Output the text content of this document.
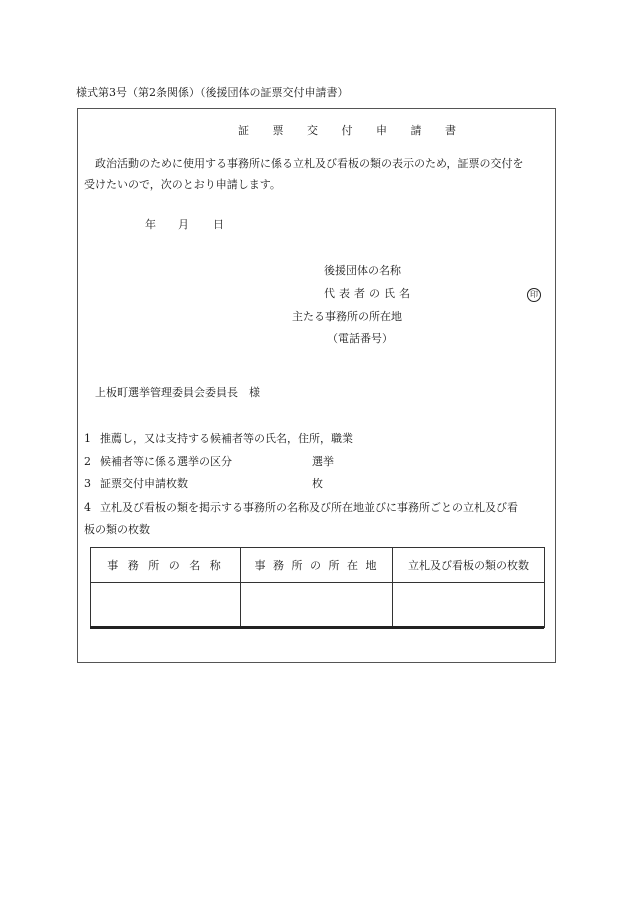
様式第3号（第2条関係）（後援団体の証票交付申請書）
証 票 交 付 申 請 書
政治活動のために使用する事務所に係る立札及び看板の類の表示のため，証票の交付を
受けたいので，次のとおり申請します。
年 月 日
後援団体の名称
代表者の氏名	印
主たる事務所の所在地
（電話番号）
上板町選挙管理委員会委員長　様
1 推薦し，又は支持する候補者等の氏名，住所，職業
2 候補者等に係る選挙の区分	選挙
3 証票交付申請枚数	枚
4 立札及び看板の類を掲示する事務所の名称及び所在地並びに事務所ごとの立札及び看
板の類の枚数
事 務 所 の 名 称	事 務 所 の 所 在 地	立札及び看板の類の枚数
